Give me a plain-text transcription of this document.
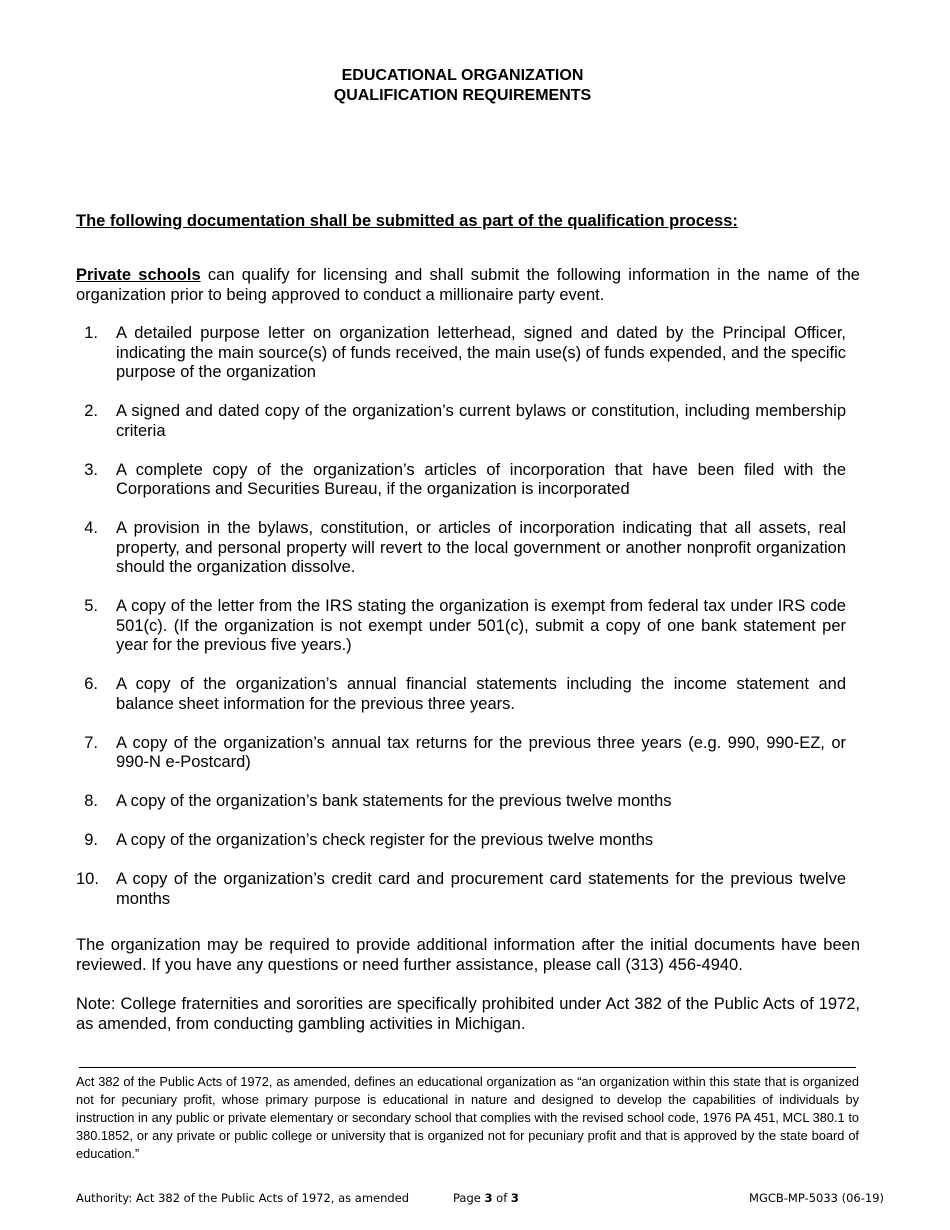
EDUCATIONAL ORGANIZATION
QUALIFICATION REQUIREMENTS
The following documentation shall be submitted as part of the qualification process:
Private schools can qualify for licensing and shall submit the following information in the name of the organization prior to being approved to conduct a millionaire party event.
1. A detailed purpose letter on organization letterhead, signed and dated by the Principal Officer, indicating the main source(s) of funds received, the main use(s) of funds expended, and the specific purpose of the organization
2. A signed and dated copy of the organization’s current bylaws or constitution, including membership criteria
3. A complete copy of the organization’s articles of incorporation that have been filed with the Corporations and Securities Bureau, if the organization is incorporated
4. A provision in the bylaws, constitution, or articles of incorporation indicating that all assets, real property, and personal property will revert to the local government or another nonprofit organization should the organization dissolve.
5. A copy of the letter from the IRS stating the organization is exempt from federal tax under IRS code 501(c). (If the organization is not exempt under 501(c), submit a copy of one bank statement per year for the previous five years.)
6. A copy of the organization’s annual financial statements including the income statement and balance sheet information for the previous three years.
7. A copy of the organization’s annual tax returns for the previous three years (e.g. 990, 990-EZ, or 990-N e-Postcard)
8. A copy of the organization’s bank statements for the previous twelve months
9. A copy of the organization’s check register for the previous twelve months
10. A copy of the organization’s credit card and procurement card statements for the previous twelve months
The organization may be required to provide additional information after the initial documents have been reviewed. If you have any questions or need further assistance, please call (313) 456-4940.
Note: College fraternities and sororities are specifically prohibited under Act 382 of the Public Acts of 1972, as amended, from conducting gambling activities in Michigan.
Act 382 of the Public Acts of 1972, as amended, defines an educational organization as “an organization within this state that is organized not for pecuniary profit, whose primary purpose is educational in nature and designed to develop the capabilities of individuals by instruction in any public or private elementary or secondary school that complies with the revised school code, 1976 PA 451, MCL 380.1 to 380.1852, or any private or public college or university that is organized not for pecuniary profit and that is approved by the state board of education.”
Authority: Act 382 of the Public Acts of 1972, as amended	Page 3 of 3	MGCB-MP-5033 (06-19)
